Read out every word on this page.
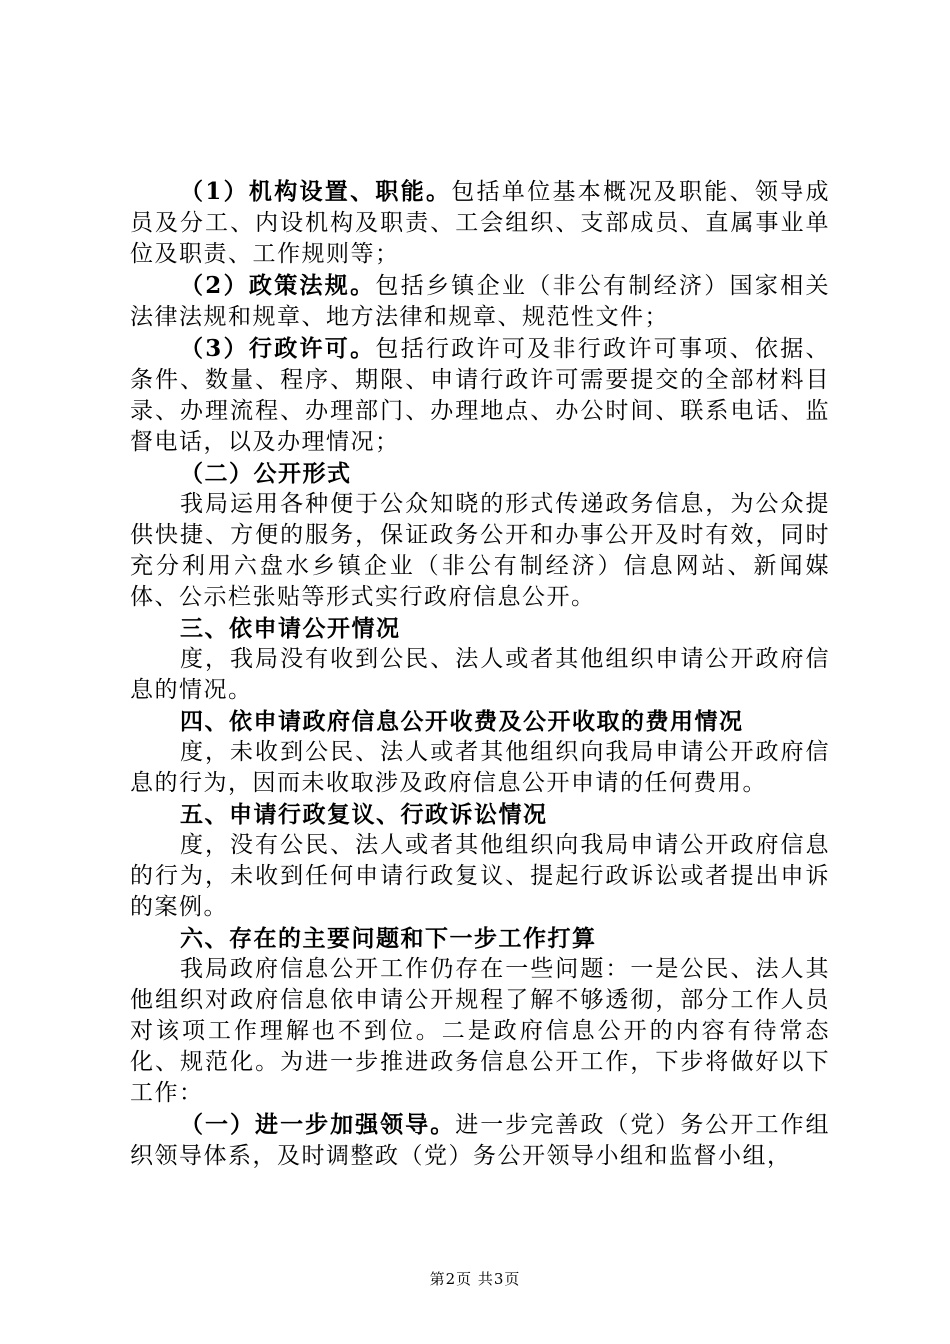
（1）机构设置、职能。包括单位基本概况及职能、领导成员及分工、内设机构及职责、工会组织、支部成员、直属事业单位及职责、工作规则等；

（2）政策法规。包括乡镇企业（非公有制经济）国家相关法律法规和规章、地方法律和规章、规范性文件；

（3）行政许可。包括行政许可及非行政许可事项、依据、条件、数量、程序、期限、申请行政许可需要提交的全部材料目录、办理流程、办理部门、办理地点、办公时间、联系电话、监督电话，以及办理情况；

（二）公开形式

我局运用各种便于公众知晓的形式传递政务信息，为公众提供快捷、方便的服务，保证政务公开和办事公开及时有效，同时充分利用六盘水乡镇企业（非公有制经济）信息网站、新闻媒体、公示栏张贴等形式实行政府信息公开。

三、依申请公开情况

度，我局没有收到公民、法人或者其他组织申请公开政府信息的情况。

四、依申请政府信息公开收费及公开收取的费用情况

度，未收到公民、法人或者其他组织向我局申请公开政府信息的行为，因而未收取涉及政府信息公开申请的任何费用。

五、申请行政复议、行政诉讼情况

度，没有公民、法人或者其他组织向我局申请公开政府信息的行为，未收到任何申请行政复议、提起行政诉讼或者提出申诉的案例。

六、存在的主要问题和下一步工作打算

我局政府信息公开工作仍存在一些问题：一是公民、法人其他组织对政府信息依申请公开规程了解不够透彻，部分工作人员对该项工作理解也不到位。二是政府信息公开的内容有待常态化、规范化。为进一步推进政务信息公开工作，下步将做好以下工作：

（一）进一步加强领导。进一步完善政（党）务公开工作组织领导体系，及时调整政（党）务公开领导小组和监督小组，

第2页 共3页
